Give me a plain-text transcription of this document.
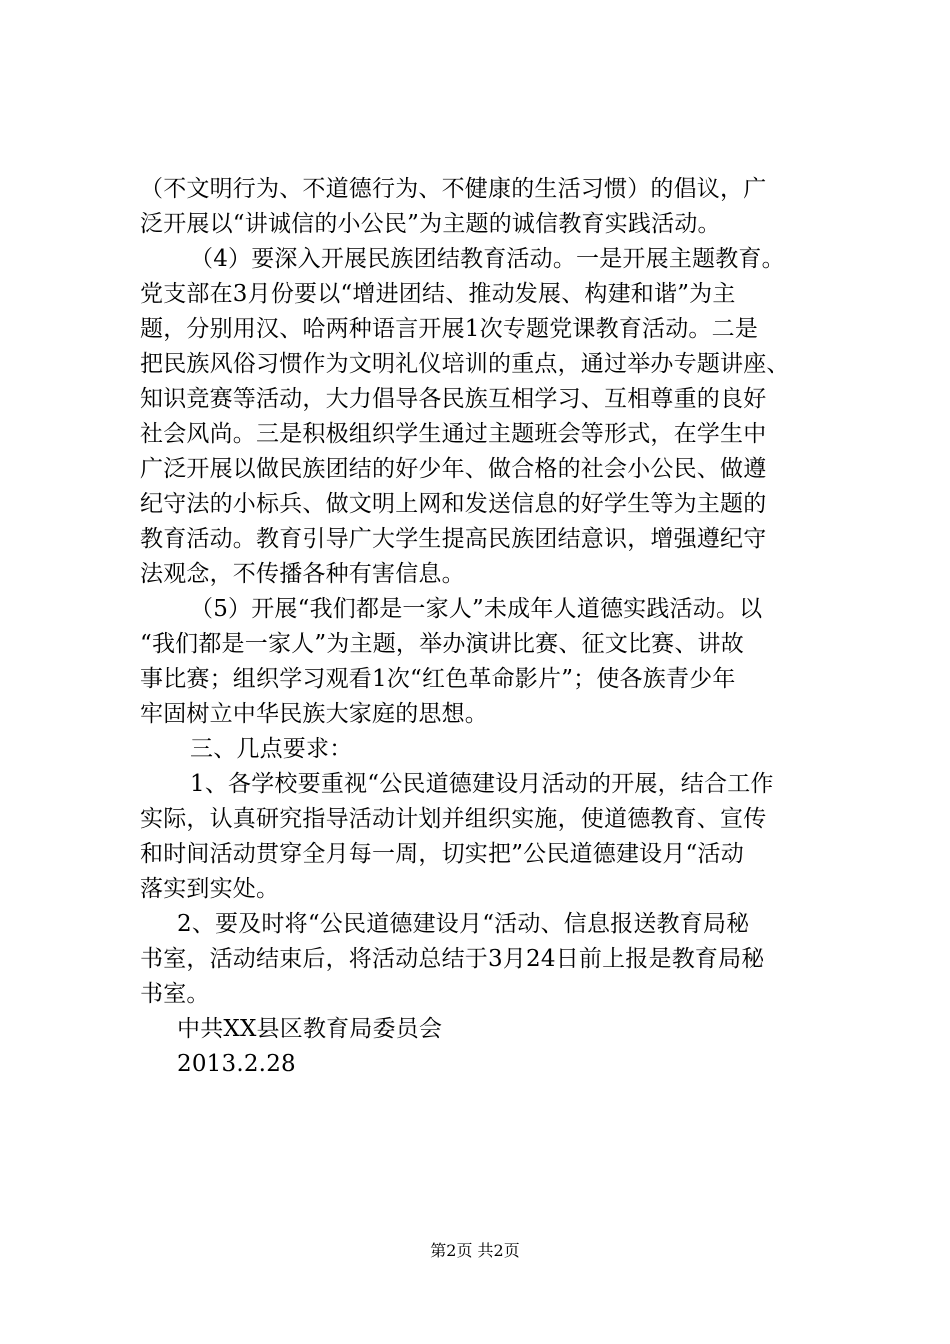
（不文明行为、不道德行为、不健康的生活习惯）的倡议，广
泛开展以“讲诚信的小公民”为主题的诚信教育实践活动。
（4）要深入开展民族团结教育活动。一是开展主题教育。
党支部在3月份要以“增进团结、推动发展、构建和谐”为主
题，分别用汉、哈两种语言开展1次专题党课教育活动。二是
把民族风俗习惯作为文明礼仪培训的重点，通过举办专题讲座、
知识竞赛等活动，大力倡导各民族互相学习、互相尊重的良好
社会风尚。三是积极组织学生通过主题班会等形式，在学生中
广泛开展以做民族团结的好少年、做合格的社会小公民、做遵
纪守法的小标兵、做文明上网和发送信息的好学生等为主题的
教育活动。教育引导广大学生提高民族团结意识，增强遵纪守
法观念，不传播各种有害信息。
（5）开展“我们都是一家人”未成年人道德实践活动。以
“我们都是一家人”为主题，举办演讲比赛、征文比赛、讲故
事比赛；组织学习观看1次“红色革命影片”；使各族青少年
牢固树立中华民族大家庭的思想。
三、几点要求：
1、各学校要重视“公民道德建设月活动的开展，结合工作
实际，认真研究指导活动计划并组织实施，使道德教育、宣传
和时间活动贯穿全月每一周，切实把”公民道德建设月“活动
落实到实处。
2、要及时将“公民道德建设月“活动、信息报送教育局秘
书室，活动结束后，将活动总结于3月24日前上报是教育局秘
书室。
中共XX县区教育局委员会
2013.2.28
第2页 共2页
